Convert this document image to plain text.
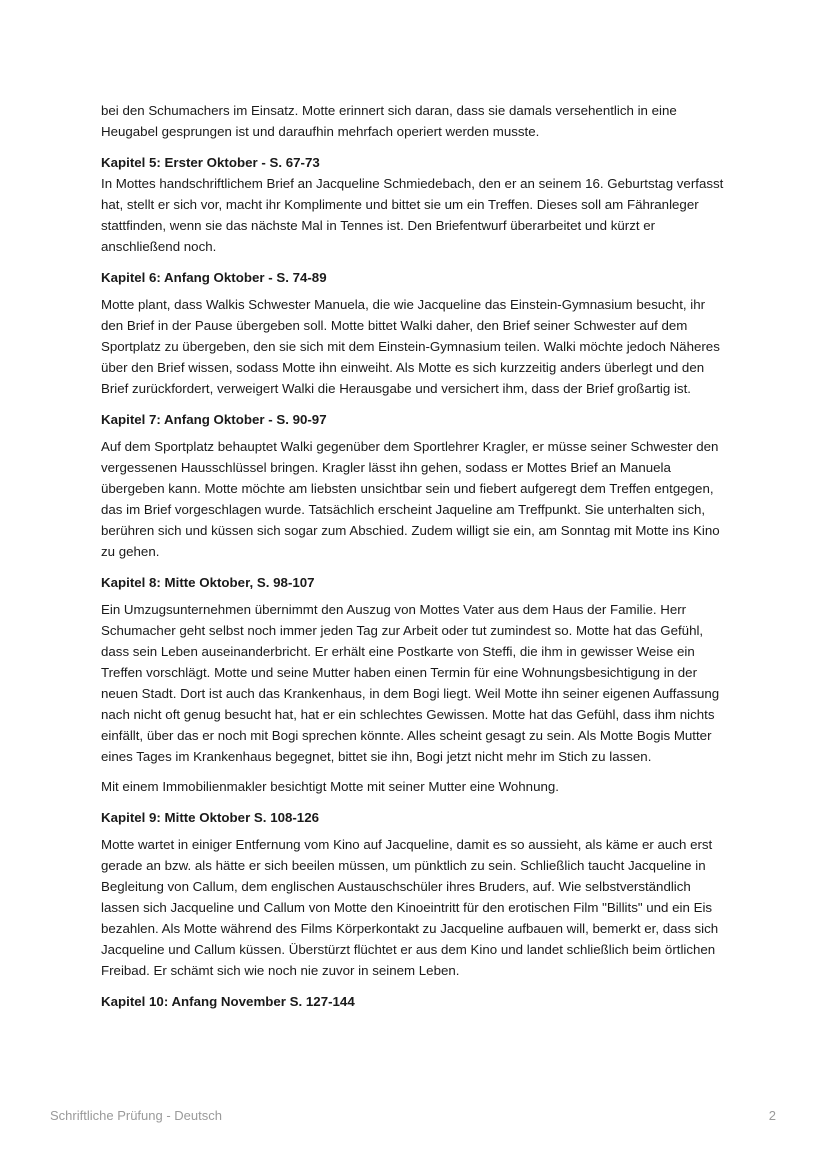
bei den Schumachers im Einsatz. Motte erinnert sich daran, dass sie damals versehentlich in eine Heugabel gesprungen ist und daraufhin mehrfach operiert werden musste.

Kapitel 5: Erster Oktober - S. 67-73

In Mottes handschriftlichem Brief an Jacqueline Schmiedebach, den er an seinem 16. Geburtstag verfasst hat, stellt er sich vor, macht ihr Komplimente und bittet sie um ein Treffen. Dieses soll am Fähranleger stattfinden, wenn sie das nächste Mal in Tennes ist. Den Briefentwurf überarbeitet und kürzt er anschließend noch.

Kapitel 6: Anfang Oktober - S. 74-89

Motte plant, dass Walkis Schwester Manuela, die wie Jacqueline das Einstein-Gymnasium besucht, ihr den Brief in der Pause übergeben soll. Motte bittet Walki daher, den Brief seiner Schwester auf dem Sportplatz zu übergeben, den sie sich mit dem Einstein-Gymnasium teilen. Walki möchte jedoch Näheres über den Brief wissen, sodass Motte ihn einweiht. Als Motte es sich kurzzeitig anders überlegt und den Brief zurückfordert, verweigert Walki die Herausgabe und versichert ihm, dass der Brief großartig ist.

Kapitel 7: Anfang Oktober - S. 90-97

Auf dem Sportplatz behauptet Walki gegenüber dem Sportlehrer Kragler, er müsse seiner Schwester den vergessenen Hausschlüssel bringen. Kragler lässt ihn gehen, sodass er Mottes Brief an Manuela übergeben kann. Motte möchte am liebsten unsichtbar sein und fiebert aufgeregt dem Treffen entgegen, das im Brief vorgeschlagen wurde. Tatsächlich erscheint Jaqueline am Treffpunkt. Sie unterhalten sich, berühren sich und küssen sich sogar zum Abschied. Zudem willigt sie ein, am Sonntag mit Motte ins Kino zu gehen.

Kapitel 8: Mitte Oktober, S. 98-107

Ein Umzugsunternehmen übernimmt den Auszug von Mottes Vater aus dem Haus der Familie. Herr Schumacher geht selbst noch immer jeden Tag zur Arbeit oder tut zumindest so. Motte hat das Gefühl, dass sein Leben auseinanderbricht. Er erhält eine Postkarte von Steffi, die ihm in gewisser Weise ein Treffen vorschlägt. Motte und seine Mutter haben einen Termin für eine Wohnungsbesichtigung in der neuen Stadt. Dort ist auch das Krankenhaus, in dem Bogi liegt. Weil Motte ihn seiner eigenen Auffassung nach nicht oft genug besucht hat, hat er ein schlechtes Gewissen. Motte hat das Gefühl, dass ihm nichts einfällt, über das er noch mit Bogi sprechen könnte. Alles scheint gesagt zu sein. Als Motte Bogis Mutter eines Tages im Krankenhaus begegnet, bittet sie ihn, Bogi jetzt nicht mehr im Stich zu lassen.

Mit einem Immobilienmakler besichtigt Motte mit seiner Mutter eine Wohnung.

Kapitel 9: Mitte Oktober S. 108-126

Motte wartet in einiger Entfernung vom Kino auf Jacqueline, damit es so aussieht, als käme er auch erst gerade an bzw. als hätte er sich beeilen müssen, um pünktlich zu sein. Schließlich taucht Jacqueline in Begleitung von Callum, dem englischen Austauschschüler ihres Bruders, auf. Wie selbstverständlich lassen sich Jacqueline und Callum von Motte den Kinoeintritt für den erotischen Film "Billits" und ein Eis bezahlen. Als Motte während des Films Körperkontakt zu Jacqueline aufbauen will, bemerkt er, dass sich Jacqueline und Callum küssen. Überstürzt flüchtet er aus dem Kino und landet schließlich beim örtlichen Freibad. Er schämt sich wie noch nie zuvor in seinem Leben.

Kapitel 10: Anfang November S. 127-144
Schriftliche Prüfung - Deutsch	2
